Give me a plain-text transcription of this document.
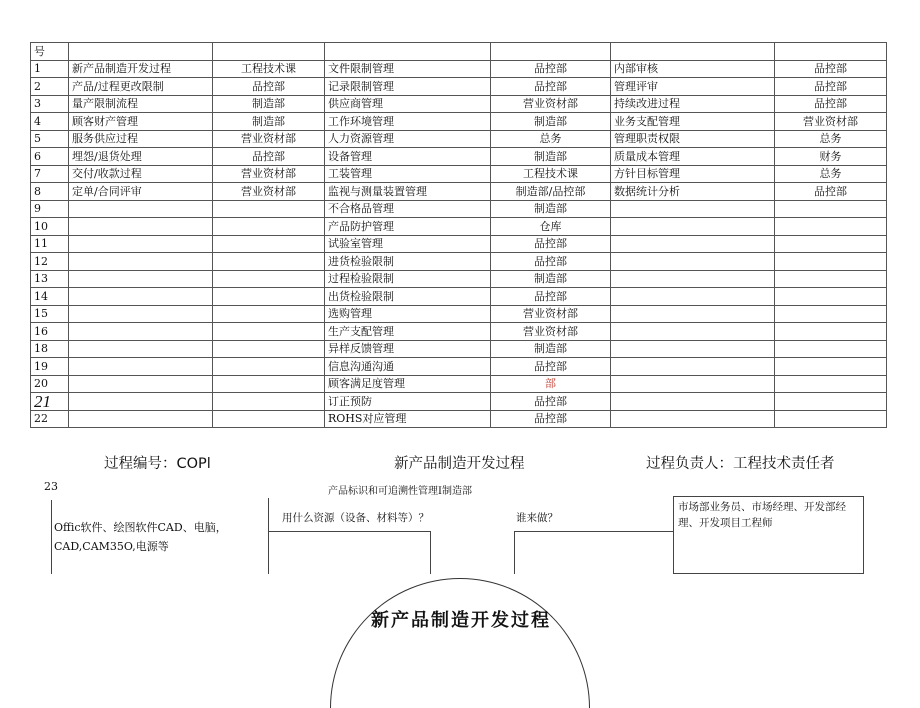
号						
1	新产品制造开发过程	工程技术课	文件限制管理	品控部	内部审核	品控部
2	产品/过程更改限制	品控部	记录限制管理	品控部	管理评审	品控部
3	量产限制流程	制造部	供应商管理	营业资材部	持续改进过程	品控部
4	顾客财产管理	制造部	工作环境管理	制造部	业务支配管理	营业资材部
5	服务供应过程	营业资材部	人力资源管理	总务	管理职责权限	总务
6	埋怨/退货处理	品控部	设备管理	制造部	质量成本管理	财务
7	交付/收款过程	营业资材部	工装管理	工程技术课	方针目标管理	总务
8	定单/合同评审	营业资材部	监视与测量装置管理	制造部/品控部	数据统计分析	品控部
9			不合格品管理	制造部		
10			产品防护管理	仓库		
11			试验室管理	品控部		
12			进货检验限制	品控部		
13			过程检验限制	制造部		
14			出货检验限制	品控部		
15			选购管理	营业资材部		
16			生产支配管理	营业资材部		
18			异样反馈管理	制造部		
19			信息沟通沟通	品控部		
20			顾客满足度管理	部		
21			订正预防	品控部		
22			ROHS对应管理	品控部		
过程编号：COPl	新产品制造开发过程	过程负责人：工程技术责任者
23	产品标识和可追溯性管理I制造部
Offic软件、绘图软件CAD、电脑，
CAD,CAM35O,电源等
用什么资源（设备、材料等）？	谁来做？
市场部业务员、市场经理、开发部经理、开发项目工程师
新产品制造开发过程
